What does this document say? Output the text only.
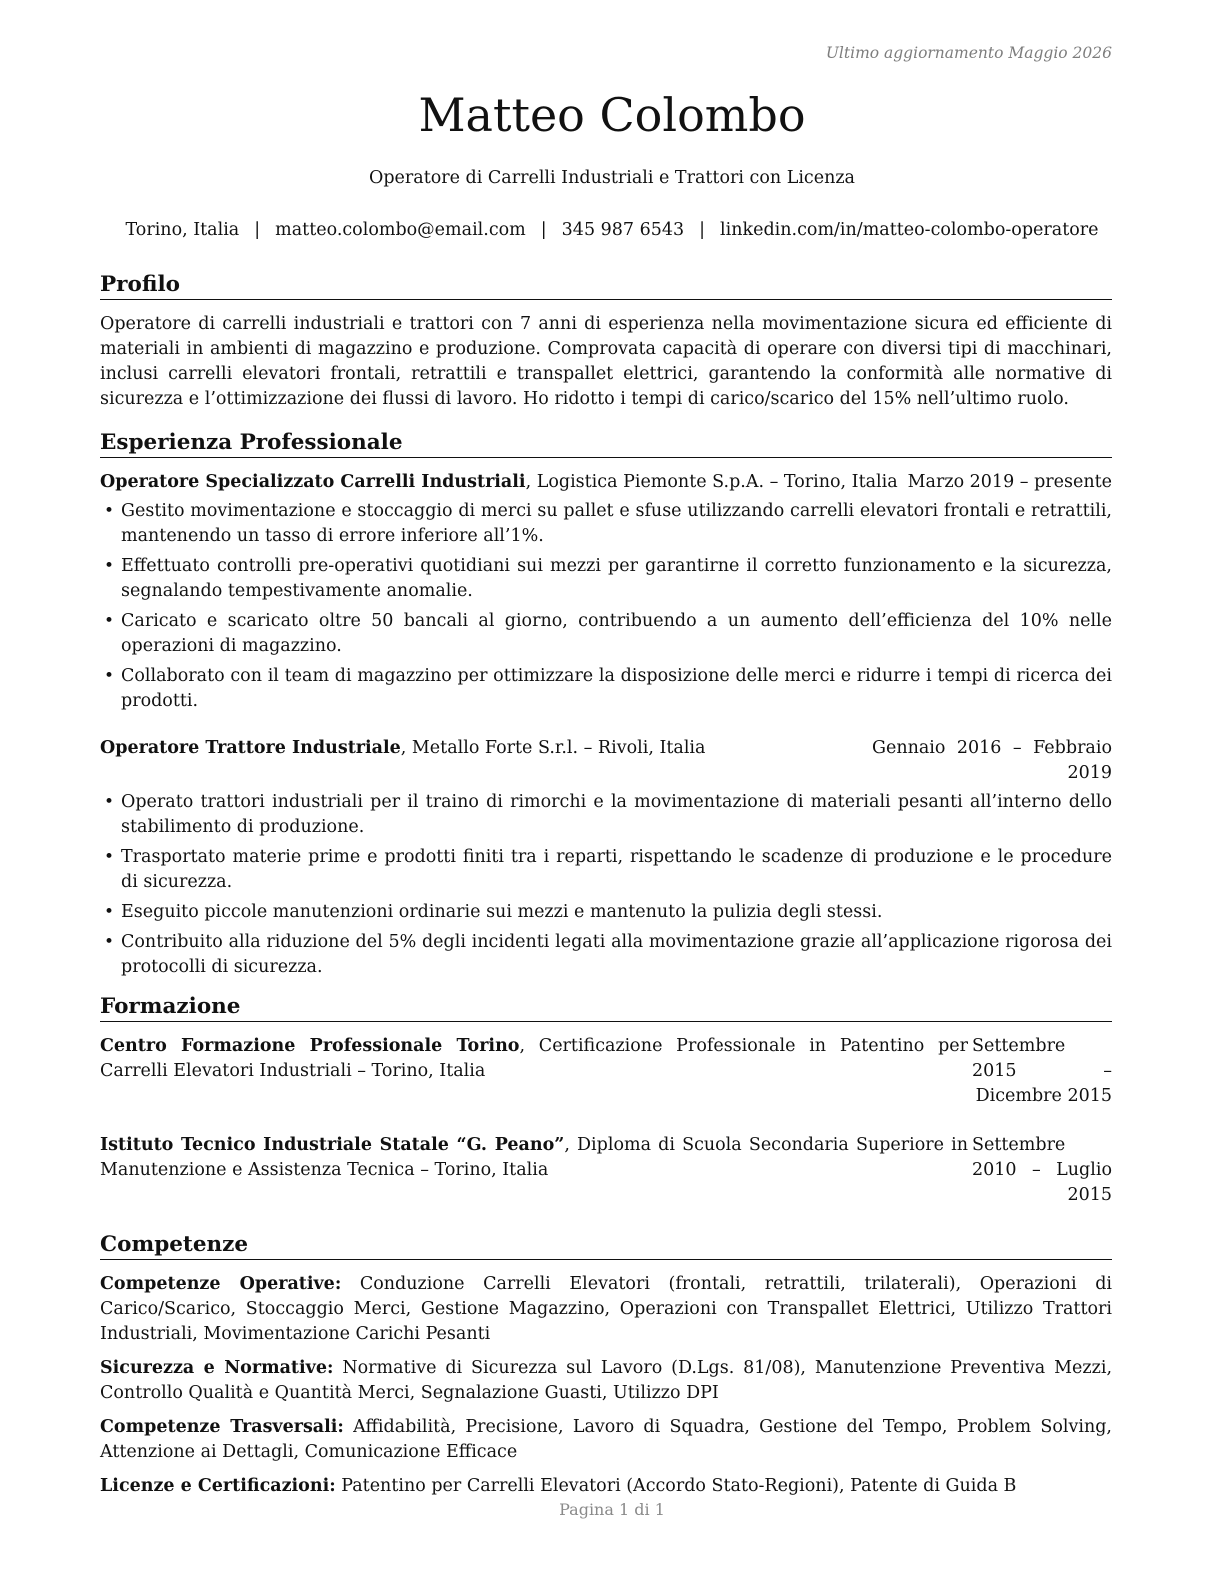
Ultimo aggiornamento Maggio 2026
Matteo Colombo
Operatore di Carrelli Industriali e Trattori con Licenza
Torino, Italia | matteo.colombo@email.com | 345 987 6543 | linkedin.com/in/matteo-colombo-operatore
Profilo

Operatore di carrelli industriali e trattori con 7 anni di esperienza nella movimentazione sicura ed efficiente di materiali in ambienti di magazzino e produzione. Comprovata capacità di operare con diversi tipi di macchinari, inclusi carrelli elevatori frontali, retrattili e transpallet elettrici, garantendo la conformità alle normative di sicurezza e l’ottimizzazione dei flussi di lavoro. Ho ridotto i tempi di carico/scarico del 15% nell’ultimo ruolo.

Esperienza Professionale
Operatore Specializzato Carrelli Industriali, Logistica Piemonte S.p.A. – Torino, Italia Marzo 2019 – presente
• Gestito movimentazione e stoccaggio di merci su pallet e sfuse utilizzando carrelli elevatori frontali e retrattili, mantenendo un tasso di errore inferiore all’1%.
• Effettuato controlli pre-operativi quotidiani sui mezzi per garantirne il corretto funzionamento e la sicurezza, segnalando tempestivamente anomalie.
• Caricato e scaricato oltre 50 bancali al giorno, contribuendo a un aumento dell’efficienza del 10% nelle operazioni di magazzino.
• Collaborato con il team di magazzino per ottimizzare la disposizione delle merci e ridurre i tempi di ricerca dei prodotti.
Operatore Trattore Industriale, Metallo Forte S.r.l. – Rivoli, Italia	Gennaio 2016 – Febbraio 2019
• Operato trattori industriali per il traino di rimorchi e la movimentazione di materiali pesanti all’interno dello stabilimento di produzione.
• Trasportato materie prime e prodotti finiti tra i reparti, rispettando le scadenze di produzione e le procedure di sicurezza.
• Eseguito piccole manutenzioni ordinarie sui mezzi e mantenuto la pulizia degli stessi.
• Contribuito alla riduzione del 5% degli incidenti legati alla movimentazione grazie all’applicazione rigorosa dei protocolli di sicurezza.
Formazione
Centro Formazione Professionale Torino, Certificazione Professionale in Patentino per Carrelli Elevatori Industriali – Torino, Italia
Settembre 2015 – Dicembre 2015
Istituto Tecnico Industriale Statale “G. Peano”, Diploma di Scuola Secondaria Superiore in Manutenzione e Assistenza Tecnica – Torino, Italia
Settembre 2010 – Luglio 2015
Competenze

Competenze Operative: Conduzione Carrelli Elevatori (frontali, retrattili, trilaterali), Operazioni di Carico/Scarico, Stoccaggio Merci, Gestione Magazzino, Operazioni con Transpallet Elettrici, Utilizzo Trattori Industriali, Movimentazione Carichi Pesanti

Sicurezza e Normative: Normative di Sicurezza sul Lavoro (D.Lgs. 81/08), Manutenzione Preventiva Mezzi, Controllo Qualità e Quantità Merci, Segnalazione Guasti, Utilizzo DPI

Competenze Trasversali: Affidabilità, Precisione, Lavoro di Squadra, Gestione del Tempo, Problem Solving, Attenzione ai Dettagli, Comunicazione Efficace

Licenze e Certificazioni: Patentino per Carrelli Elevatori (Accordo Stato-Regioni), Patente di Guida B

Pagina 1 di 1
